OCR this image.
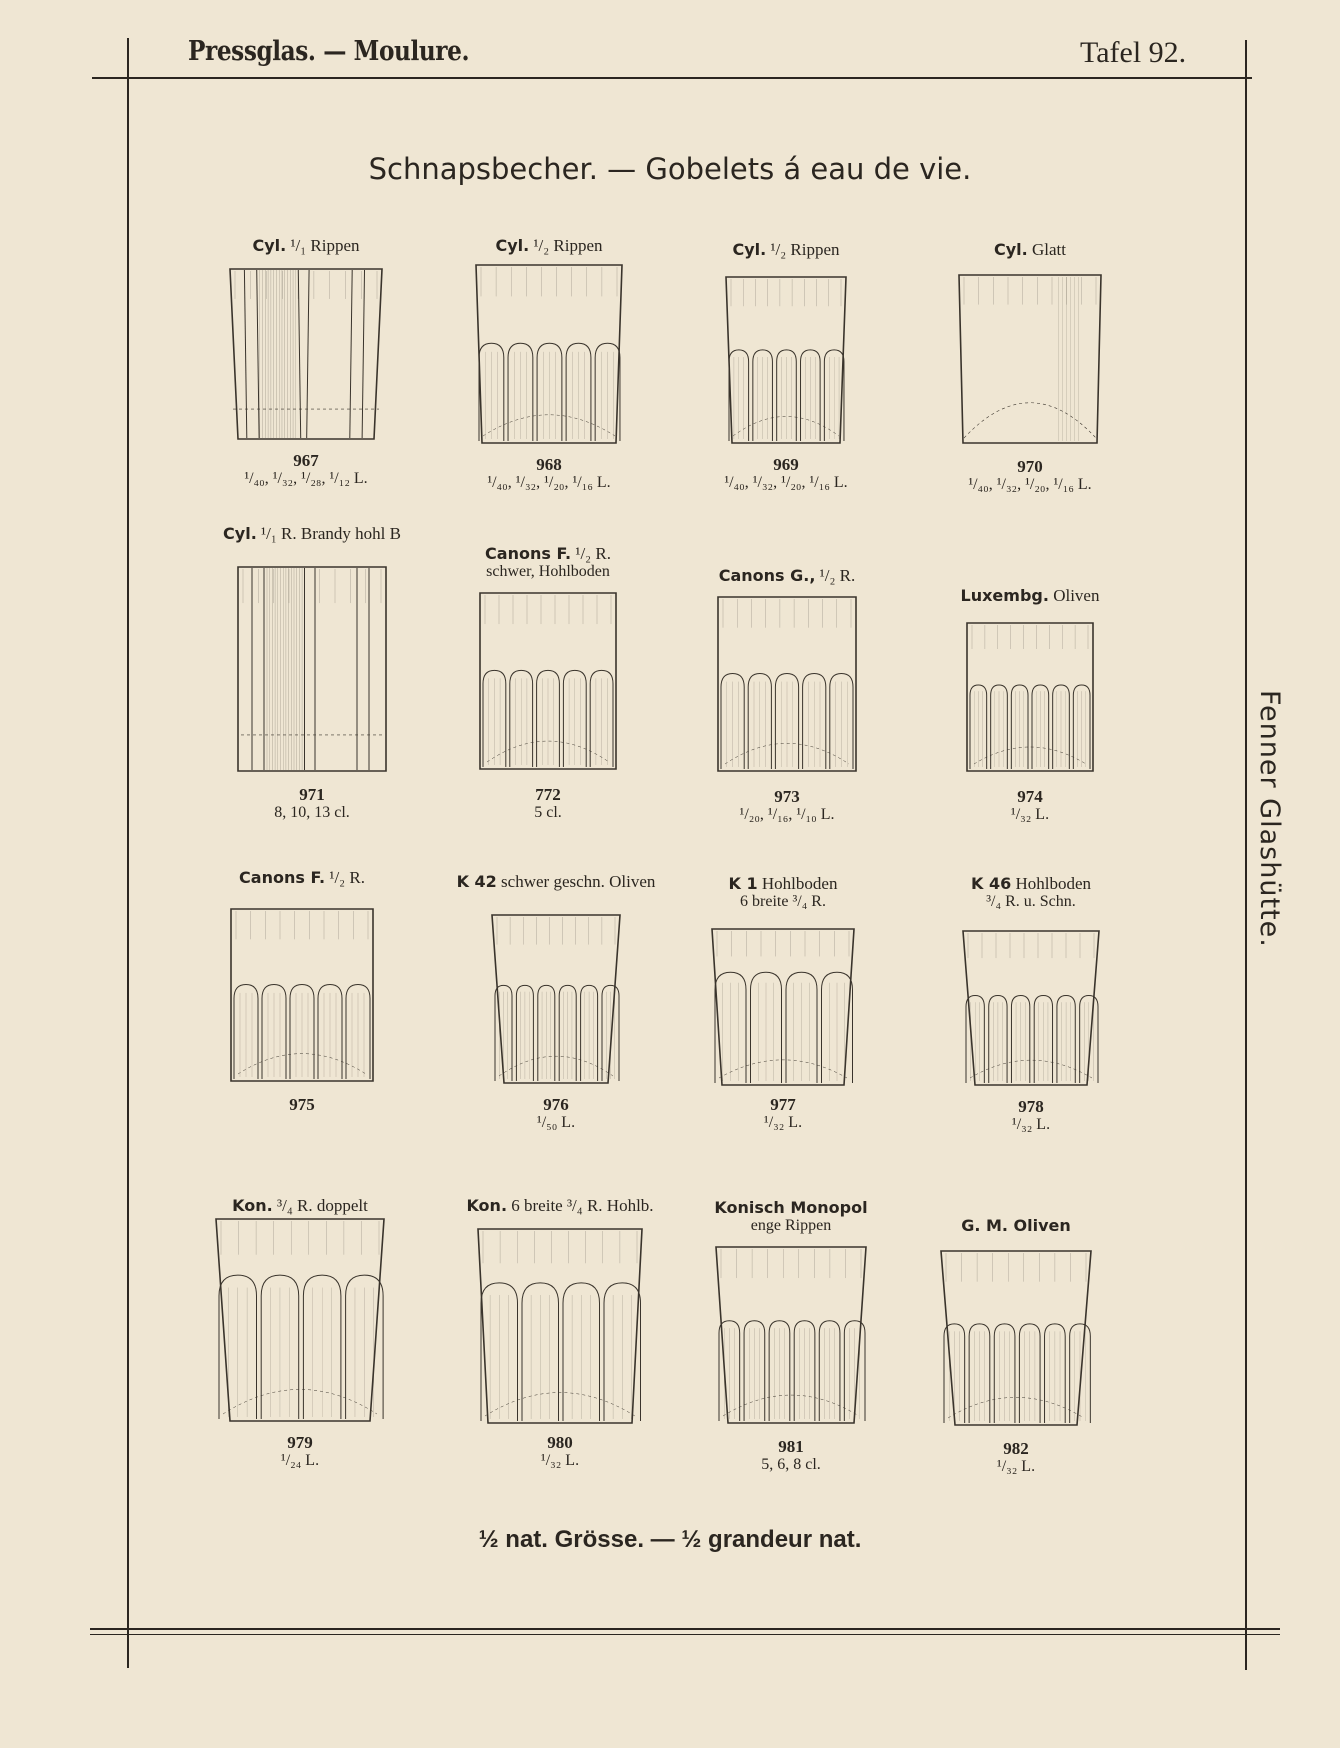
Pressglas. — Moulure.	Tafel 92.
Schnapsbecher. — Gobelets á eau de vie.
Fenner Glashütte.
½ nat. Grösse. — ½ grandeur nat.
Cyl. ¹/₁ Rippen
967
¹/₄₀, ¹/₃₂, ¹/₂₈, ¹/₁₂ L.
Cyl. ¹/₂ Rippen
968
¹/₄₀, ¹/₃₂, ¹/₂₀, ¹/₁₆ L.
Cyl. ¹/₂ Rippen
969
¹/₄₀, ¹/₃₂, ¹/₂₀, ¹/₁₆ L.
Cyl. Glatt
970
¹/₄₀, ¹/₃₂, ¹/₂₀, ¹/₁₆ L.
Cyl. ¹/₁ R. Brandy hohl B
971
8, 10, 13 cl.
Canons F. ¹/₂ R.
schwer, Hohlboden
772
5 cl.
Canons G., ¹/₂ R.
973
¹/₂₀, ¹/₁₆, ¹/₁₀ L.
Luxembg. Oliven
974
¹/₃₂ L.
Canons F. ¹/₂ R.
975
K 42 schwer geschn. Oliven
976
¹/₅₀ L.
K 1 Hohlboden
6 breite ³/₄ R.
977
¹/₃₂ L.
K 46 Hohlboden
³/₄ R. u. Schn.
978
¹/₃₂ L.
Kon. ³/₄ R. doppelt
979
¹/₂₄ L.
Kon. 6 breite ³/₄ R. Hohlb.
980
¹/₃₂ L.
Konisch Monopol
enge Rippen
981
5, 6, 8 cl.
G. M. Oliven
982
¹/₃₂ L.
